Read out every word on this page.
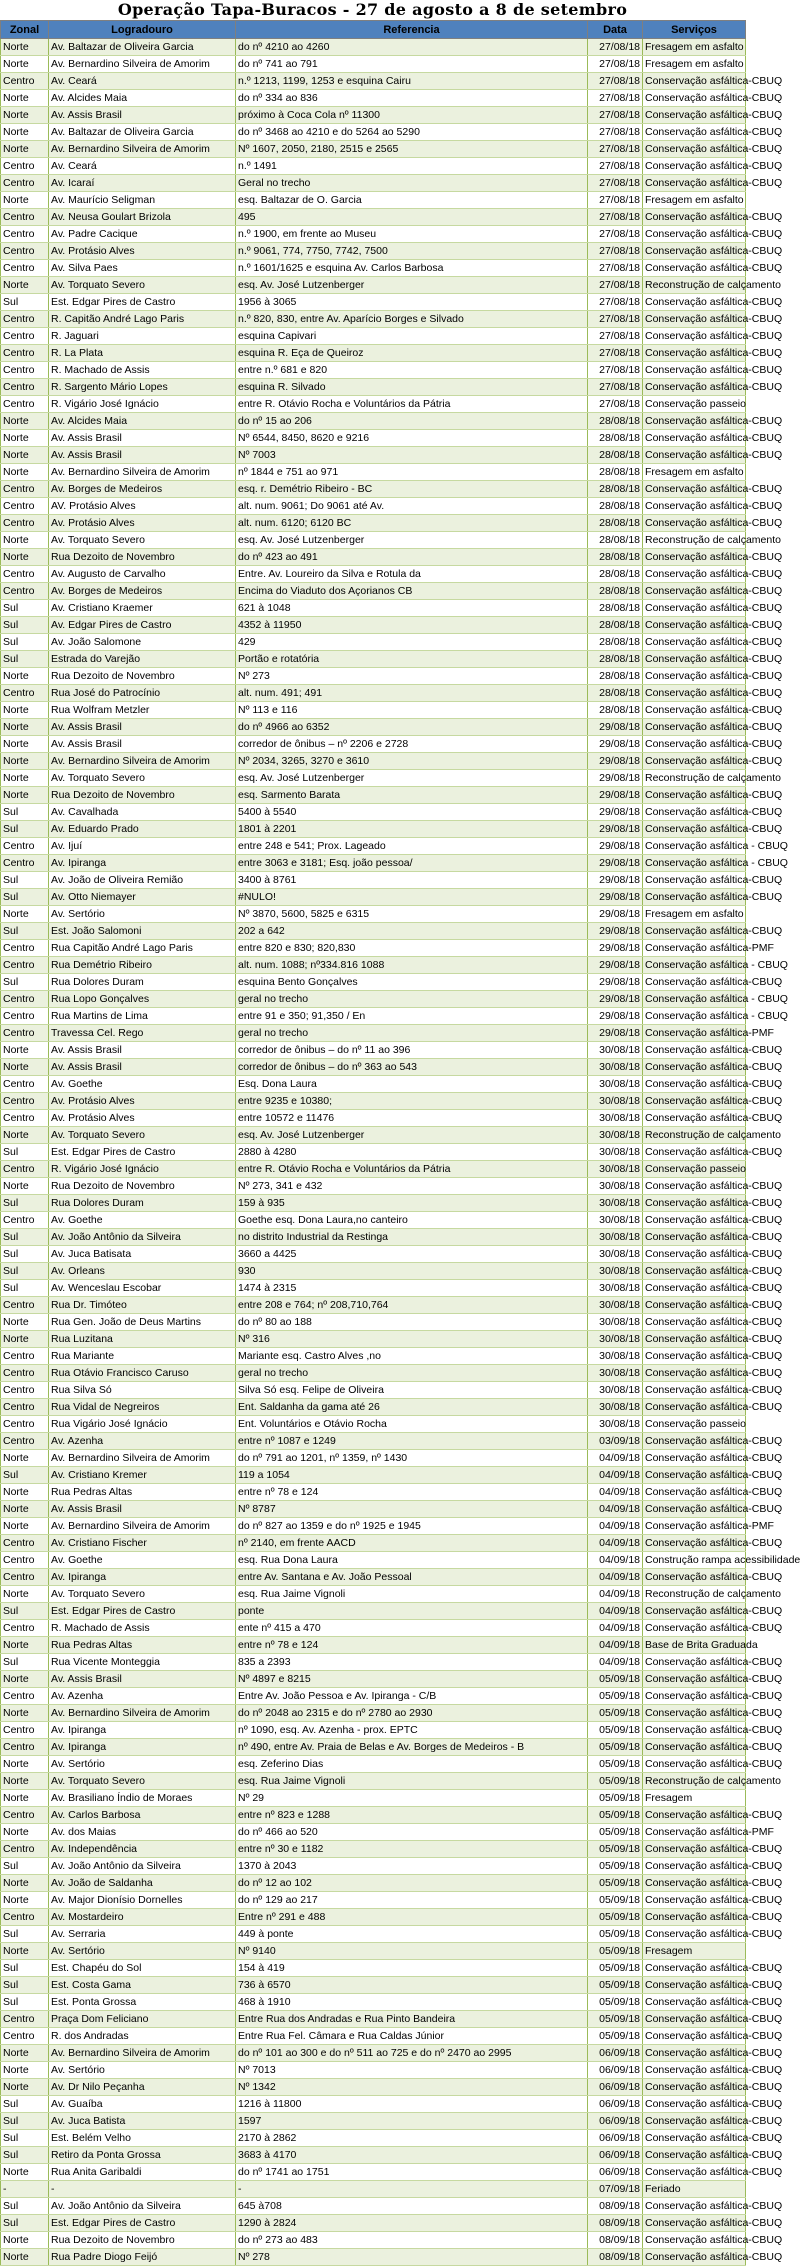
Operação Tapa-Buracos - 27 de agosto a 8 de setembro
Zonal	Logradouro	Referencia	Data	Serviços
Norte	Av. Baltazar de Oliveira Garcia	do nº 4210 ao 4260	27/08/18	Fresagem em asfalto
Norte	Av. Bernardino Silveira de Amorim	do nº 741 ao 791	27/08/18	Fresagem em asfalto
Centro	Av. Ceará	n.º 1213, 1199, 1253 e esquina Cairu	27/08/18	Conservação asfáltica-CBUQ
Norte	Av. Alcides Maia	do nº 334 ao 836	27/08/18	Conservação asfáltica-CBUQ
Norte	Av. Assis Brasil	próximo à Coca Cola nº 11300	27/08/18	Conservação asfáltica-CBUQ
Norte	Av. Baltazar de Oliveira Garcia	do nº 3468 ao 4210 e do 5264 ao 5290	27/08/18	Conservação asfáltica-CBUQ
Norte	Av. Bernardino Silveira de Amorim	Nº 1607, 2050, 2180, 2515 e 2565	27/08/18	Conservação asfáltica-CBUQ
Centro	Av. Ceará	n.º 1491	27/08/18	Conservação asfáltica-CBUQ
Centro	Av. Icaraí	Geral no trecho	27/08/18	Conservação asfáltica-CBUQ
Norte	Av. Maurício Seligman	esq. Baltazar de O. Garcia	27/08/18	Fresagem em asfalto
Centro	Av. Neusa Goulart Brizola	495	27/08/18	Conservação asfáltica-CBUQ
Centro	Av. Padre Cacique	n.º 1900, em frente ao Museu	27/08/18	Conservação asfáltica-CBUQ
Centro	Av. Protásio Alves	n.º 9061, 774, 7750, 7742, 7500	27/08/18	Conservação asfáltica-CBUQ
Centro	Av. Silva Paes	n.º 1601/1625 e esquina Av. Carlos Barbosa	27/08/18	Conservação asfáltica-CBUQ
Norte	Av. Torquato Severo	esq. Av. José Lutzenberger	27/08/18	Reconstrução de calçamento
Sul	Est. Edgar Pires de Castro	1956 à 3065	27/08/18	Conservação asfáltica-CBUQ
Centro	R. Capitão André Lago Paris	n.º 820, 830, entre Av. Aparício Borges e Silvado	27/08/18	Conservação asfáltica-CBUQ
Centro	R. Jaguari	esquina Capivari	27/08/18	Conservação asfáltica-CBUQ
Centro	R. La Plata	esquina R. Eça de Queiroz	27/08/18	Conservação asfáltica-CBUQ
Centro	R. Machado de Assis	entre n.º 681 e 820	27/08/18	Conservação asfáltica-CBUQ
Centro	R. Sargento Mário Lopes	esquina R. Silvado	27/08/18	Conservação asfáltica-CBUQ
Centro	R. Vigário José Ignácio	entre R. Otávio Rocha e Voluntários da Pátria	27/08/18	Conservação passeio
Norte	Av. Alcides Maia	do nº 15 ao 206	28/08/18	Conservação asfáltica-CBUQ
Norte	Av. Assis Brasil	Nº 6544, 8450, 8620 e 9216	28/08/18	Conservação asfáltica-CBUQ
Norte	Av. Assis Brasil	Nº 7003	28/08/18	Conservação asfáltica-CBUQ
Norte	Av. Bernardino Silveira de Amorim	nº 1844 e 751 ao 971	28/08/18	Fresagem em asfalto
Centro	Av. Borges de Medeiros	esq. r. Demétrio Ribeiro - BC	28/08/18	Conservação asfáltica-CBUQ
Centro	AV. Protásio Alves	alt. num. 9061; Do 9061 até Av.	28/08/18	Conservação asfáltica-CBUQ
Centro	Av. Protásio Alves	alt. num. 6120; 6120 BC	28/08/18	Conservação asfáltica-CBUQ
Norte	Av. Torquato Severo	esq. Av. José Lutzenberger	28/08/18	Reconstrução de calçamento
Norte	Rua Dezoito de Novembro	do nº 423 ao 491	28/08/18	Conservação asfáltica-CBUQ
Centro	Av. Augusto de Carvalho	Entre. Av. Loureiro da Silva e Rotula da	28/08/18	Conservação asfáltica-CBUQ
Centro	Av. Borges de Medeiros	Encima do Viaduto dos Açorianos CB	28/08/18	Conservação asfáltica-CBUQ
Sul	Av. Cristiano Kraemer	621 à 1048	28/08/18	Conservação asfáltica-CBUQ
Sul	Av. Edgar Pires de Castro	4352 à 11950	28/08/18	Conservação asfáltica-CBUQ
Sul	Av. João Salomone	429	28/08/18	Conservação asfáltica-CBUQ
Sul	Estrada do Varejão	Portão e rotatória	28/08/18	Conservação asfáltica-CBUQ
Norte	Rua Dezoito de Novembro	Nº 273	28/08/18	Conservação asfáltica-CBUQ
Centro	Rua José do Patrocínio	alt. num. 491; 491	28/08/18	Conservação asfáltica-CBUQ
Norte	Rua Wolfram Metzler	Nº 113 e 116	28/08/18	Conservação asfáltica-CBUQ
Norte	Av. Assis Brasil	do nº 4966 ao 6352	29/08/18	Conservação asfáltica-CBUQ
Norte	Av. Assis Brasil	corredor de ônibus – nº 2206 e 2728	29/08/18	Conservação asfáltica-CBUQ
Norte	Av. Bernardino Silveira de Amorim	Nº 2034, 3265, 3270 e 3610	29/08/18	Conservação asfáltica-CBUQ
Norte	Av. Torquato Severo	esq. Av. José Lutzenberger	29/08/18	Reconstrução de calçamento
Norte	Rua Dezoito de Novembro	esq. Sarmento Barata	29/08/18	Conservação asfáltica-CBUQ
Sul	Av. Cavalhada	5400 à 5540	29/08/18	Conservação asfáltica-CBUQ
Sul	Av. Eduardo Prado	1801 à 2201	29/08/18	Conservação asfáltica-CBUQ
Centro	Av. Ijuí	entre 248 e 541; Prox. Lageado	29/08/18	Conservação asfáltica - CBUQ
Centro	Av. Ipiranga	entre 3063 e 3181; Esq. joão pessoa/	29/08/18	Conservação asfáltica - CBUQ
Sul	Av. João de Oliveira Remião	3400 à 8761	29/08/18	Conservação asfáltica-CBUQ
Sul	Av. Otto Niemayer	#NULO!	29/08/18	Conservação asfáltica-CBUQ
Norte	Av. Sertório	Nº 3870, 5600, 5825 e 6315	29/08/18	Fresagem em asfalto
Sul	Est. João Salomoni	202 a 642	29/08/18	Conservação asfáltica-CBUQ
Centro	Rua Capitão André Lago Paris	entre 820 e 830; 820,830	29/08/18	Conservação asfáltica-PMF
Centro	Rua Demétrio Ribeiro	alt. num. 1088; nº334.816 1088	29/08/18	Conservação asfáltica - CBUQ
Sul	Rua Dolores Duram	esquina Bento Gonçalves	29/08/18	Conservação asfáltica-CBUQ
Centro	Rua Lopo Gonçalves	geral no trecho	29/08/18	Conservação asfáltica - CBUQ
Centro	Rua Martins de Lima	entre 91 e 350; 91,350 / En	29/08/18	Conservação asfáltica - CBUQ
Centro	Travessa Cel. Rego	geral no trecho	29/08/18	Conservação asfáltica-PMF
Norte	Av. Assis Brasil	corredor de ônibus – do nº 11 ao 396	30/08/18	Conservação asfáltica-CBUQ
Norte	Av. Assis Brasil	corredor de ônibus – do nº 363 ao 543	30/08/18	Conservação asfáltica-CBUQ
Centro	Av. Goethe	Esq. Dona Laura	30/08/18	Conservação asfáltica-CBUQ
Centro	Av. Protásio Alves	entre 9235 e 10380;	30/08/18	Conservação asfáltica-CBUQ
Centro	Av. Protásio Alves	entre 10572 e 11476	30/08/18	Conservação asfáltica-CBUQ
Norte	Av. Torquato Severo	esq. Av. José Lutzenberger	30/08/18	Reconstrução de calçamento
Sul	Est. Edgar Pires de Castro	2880 à 4280	30/08/18	Conservação asfáltica-CBUQ
Centro	R. Vigário José Ignácio	entre R. Otávio Rocha e Voluntários da Pátria	30/08/18	Conservação passeio
Norte	Rua Dezoito de Novembro	Nº 273, 341 e 432	30/08/18	Conservação asfáltica-CBUQ
Sul	Rua Dolores Duram	159 à 935	30/08/18	Conservação asfáltica-CBUQ
Centro	Av. Goethe	Goethe esq. Dona Laura,no canteiro	30/08/18	Conservação asfáltica-CBUQ
Sul	Av. João Antônio da Silveira	no distrito Industrial da Restinga	30/08/18	Conservação asfáltica-CBUQ
Sul	Av. Juca Batisata	3660 a 4425	30/08/18	Conservação asfáltica-CBUQ
Sul	Av. Orleans	930	30/08/18	Conservação asfáltica-CBUQ
Sul	Av. Wenceslau Escobar	1474 à 2315	30/08/18	Conservação asfáltica-CBUQ
Centro	Rua Dr. Timóteo	entre 208 e 764; nº 208,710,764	30/08/18	Conservação asfáltica-CBUQ
Norte	Rua Gen. João de Deus Martins	do nº 80 ao 188	30/08/18	Conservação asfáltica-CBUQ
Norte	Rua Luzitana	Nº 316	30/08/18	Conservação asfáltica-CBUQ
Centro	Rua Mariante	Mariante esq. Castro Alves ,no	30/08/18	Conservação asfáltica-CBUQ
Centro	Rua Otávio Francisco Caruso	geral no trecho	30/08/18	Conservação asfáltica-CBUQ
Centro	Rua Silva Só	Silva Só esq. Felipe de Oliveira	30/08/18	Conservação asfáltica-CBUQ
Centro	Rua Vidal de Negreiros	Ent. Saldanha da gama até 26	30/08/18	Conservação asfáltica-CBUQ
Centro	Rua Vigário José Ignácio	Ent. Voluntários e Otávio Rocha	30/08/18	Conservação passeio
Centro	Av. Azenha	entre nº 1087 e 1249	03/09/18	Conservação asfáltica-CBUQ
Norte	Av. Bernardino Silveira de Amorim	do nº 791 ao 1201, nº 1359, nº 1430	04/09/18	Conservação asfáltica-CBUQ
Sul	Av. Cristiano Kremer	119 a 1054	04/09/18	Conservação asfáltica-CBUQ
Norte	Rua Pedras Altas	entre nº 78 e 124	04/09/18	Conservação asfáltica-CBUQ
Norte	Av. Assis Brasil	Nº 8787	04/09/18	Conservação asfáltica-CBUQ
Norte	Av. Bernardino Silveira de Amorim	do nº 827 ao 1359 e do nº 1925 e 1945	04/09/18	Conservação asfáltica-PMF
Centro	Av. Cristiano Fischer	nº 2140, em frente AACD	04/09/18	Conservação asfáltica-CBUQ
Centro	Av. Goethe	esq. Rua Dona Laura	04/09/18	Construção rampa acessibilidade
Centro	Av. Ipiranga	entre Av. Santana e Av. João Pessoal	04/09/18	Conservação asfáltica-CBUQ
Norte	Av. Torquato Severo	esq. Rua Jaime Vignoli	04/09/18	Reconstrução de calçamento
Sul	Est. Edgar Pires de Castro	ponte	04/09/18	Conservação asfáltica-CBUQ
Centro	R. Machado de Assis	ente nº 415 a 470	04/09/18	Conservação asfáltica-CBUQ
Norte	Rua Pedras Altas	entre nº 78 e 124	04/09/18	Base de Brita Graduada
Sul	Rua Vicente Monteggia	835 a 2393	04/09/18	Conservação asfáltica-CBUQ
Norte	Av. Assis Brasil	Nº 4897 e 8215	05/09/18	Conservação asfáltica-CBUQ
Centro	Av. Azenha	Entre Av. João Pessoa e Av. Ipiranga - C/B	05/09/18	Conservação asfáltica-CBUQ
Norte	Av. Bernardino Silveira de Amorim	do nº 2048 ao 2315 e do nº 2780 ao 2930	05/09/18	Conservação asfáltica-CBUQ
Centro	Av. Ipiranga	nº 1090, esq. Av. Azenha - prox. EPTC	05/09/18	Conservação asfáltica-CBUQ
Centro	Av. Ipiranga	nº 490, entre Av. Praia de Belas e Av. Borges de Medeiros - B	05/09/18	Conservação asfáltica-CBUQ
Norte	Av. Sertório	esq. Zeferino Dias	05/09/18	Conservação asfáltica-CBUQ
Norte	Av. Torquato Severo	esq. Rua Jaime Vignoli	05/09/18	Reconstrução de calçamento
Norte	Av. Brasiliano Índio de Moraes	Nº 29	05/09/18	Fresagem
Centro	Av. Carlos Barbosa	entre nº 823 e 1288	05/09/18	Conservação asfáltica-CBUQ
Norte	Av. dos Maias	do nº 466 ao 520	05/09/18	Conservação asfáltica-PMF
Centro	Av. Independência	entre nº 30 e 1182	05/09/18	Conservação asfáltica-CBUQ
Sul	Av. João Antônio da Silveira	1370 à 2043	05/09/18	Conservação asfáltica-CBUQ
Norte	Av. João de Saldanha	do nº 12 ao 102	05/09/18	Conservação asfáltica-CBUQ
Norte	Av. Major Dionísio Dornelles	do nº 129 ao 217	05/09/18	Conservação asfáltica-CBUQ
Centro	Av. Mostardeiro	Entre nº 291 e 488	05/09/18	Conservação asfáltica-CBUQ
Sul	Av. Serraria	449 à ponte	05/09/18	Conservação asfáltica-CBUQ
Norte	Av. Sertório	Nº 9140	05/09/18	Fresagem
Sul	Est. Chapéu do Sol	154 à 419	05/09/18	Conservação asfáltica-CBUQ
Sul	Est. Costa Gama	736 à 6570	05/09/18	Conservação asfáltica-CBUQ
Sul	Est. Ponta Grossa	468 à 1910	05/09/18	Conservação asfáltica-CBUQ
Centro	Praça Dom Feliciano	Entre Rua dos Andradas e Rua Pinto Bandeira	05/09/18	Conservação asfáltica-CBUQ
Centro	R. dos Andradas	Entre Rua Fel. Câmara e Rua Caldas Júnior	05/09/18	Conservação asfáltica-CBUQ
Norte	Av. Bernardino Silveira de Amorim	do nº 101 ao 300 e do nº 511 ao 725 e do nº 2470 ao 2995	06/09/18	Conservação asfáltica-CBUQ
Norte	Av. Sertório	Nº 7013	06/09/18	Conservação asfáltica-CBUQ
Norte	Av. Dr Nilo Peçanha	Nº 1342	06/09/18	Conservação asfáltica-CBUQ
Sul	Av. Guaíba	1216 à 11800	06/09/18	Conservação asfáltica-CBUQ
Sul	Av. Juca Batista	1597	06/09/18	Conservação asfáltica-CBUQ
Sul	Est. Belém Velho	2170 à 2862	06/09/18	Conservação asfáltica-CBUQ
Sul	Retiro da Ponta Grossa	3683 à 4170	06/09/18	Conservação asfáltica-CBUQ
Norte	Rua Anita Garibaldi	do nº 1741 ao 1751	06/09/18	Conservação asfáltica-CBUQ
-	-	-	07/09/18	Feriado
Sul	Av. João Antônio da Silveira	645 à708	08/09/18	Conservação asfáltica-CBUQ
Sul	Est. Edgar Pires de Castro	1290 à 2824	08/09/18	Conservação asfáltica-CBUQ
Norte	Rua Dezoito de Novembro	do nº 273 ao 483	08/09/18	Conservação asfáltica-CBUQ
Norte	Rua Padre Diogo Feijó	Nº 278	08/09/18	Conservação asfáltica-CBUQ
